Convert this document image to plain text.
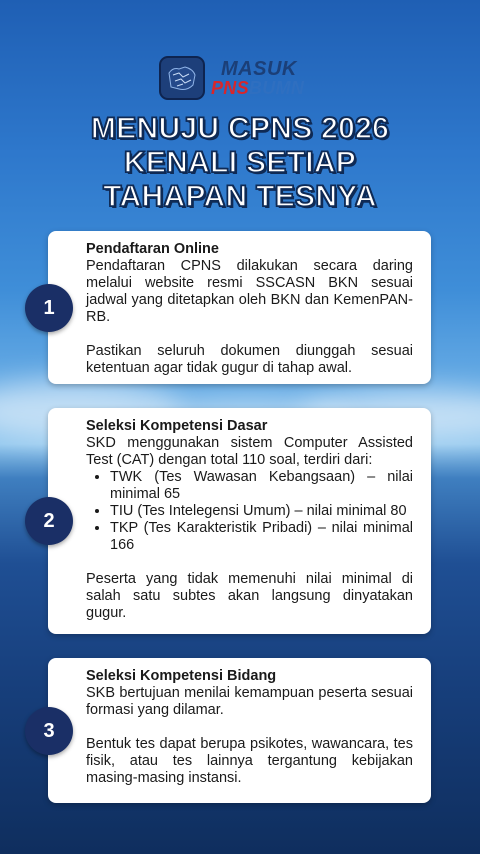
MASUK
PNSBUMN
MENUJU CPNS 2026
KENALI SETIAP
TAHAPAN TESNYA
Pendaftaran Online

Pendaftaran CPNS dilakukan secara daring melalui website resmi SSCASN BKN sesuai jadwal yang ditetapkan oleh BKN dan KemenPAN-RB.

Pastikan seluruh dokumen diunggah sesuai ketentuan agar tidak gugur di tahap awal.

1
Seleksi Kompetensi Dasar

SKD menggunakan sistem Computer Assisted Test (CAT) dengan total 110 soal, terdiri dari:

• TWK (Tes Wawasan Kebangsaan) – nilai minimal 65
• TIU (Tes Intelegensi Umum) – nilai minimal 80
• TKP (Tes Karakteristik Pribadi) – nilai minimal 166

Peserta yang tidak memenuhi nilai minimal di salah satu subtes akan langsung dinyatakan gugur.

2
Seleksi Kompetensi Bidang

SKB bertujuan menilai kemampuan peserta sesuai formasi yang dilamar.

Bentuk tes dapat berupa psikotes, wawancara, tes fisik, atau tes lainnya tergantung kebijakan masing-masing instansi.

3
